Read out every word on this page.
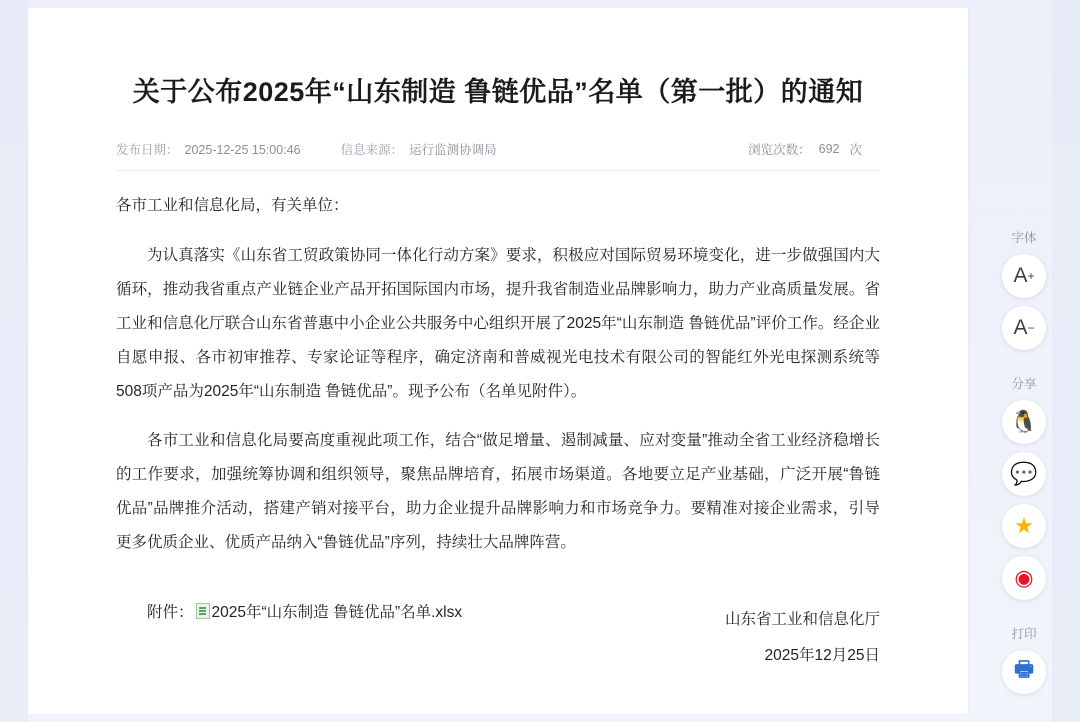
关于公布2025年“山东制造 鲁链优品”名单（第一批）的通知
发布日期： 2025-12-25 15:00:46	信息来源： 运行监测协调局	浏览次数： 692 次

各市工业和信息化局，有关单位：

为认真落实《山东省工贸政策协同一体化行动方案》要求，积极应对国际贸易环境变化，进一步做强国内大循环，推动我省重点产业链企业产品开拓国际国内市场，提升我省制造业品牌影响力，助力产业高质量发展。省工业和信息化厅联合山东省普惠中小企业公共服务中心组织开展了2025年“山东制造 鲁链优品”评价工作。经企业自愿申报、各市初审推荐、专家论证等程序，确定济南和普威视光电技术有限公司的智能红外光电探测系统等508项产品为2025年“山东制造 鲁链优品”。现予公布（名单见附件）。

各市工业和信息化局要高度重视此项工作，结合“做足增量、遏制减量、应对变量”推动全省工业经济稳增长的工作要求，加强统筹协调和组织领导，聚焦品牌培育，拓展市场渠道。各地要立足产业基础，广泛开展“鲁链优品”品牌推介活动，搭建产销对接平台，助力企业提升品牌影响力和市场竞争力。要精准对接企业需求，引导更多优质企业、优质产品纳入“鲁链优品”序列，持续壮大品牌阵营。

附件： 2025年“山东制造 鲁链优品”名单.xlsx	山东省工业和信息化厅
2025年12月25日
字体
A +
A −
分享
🐧
💬
★
◉
打印
🖶
